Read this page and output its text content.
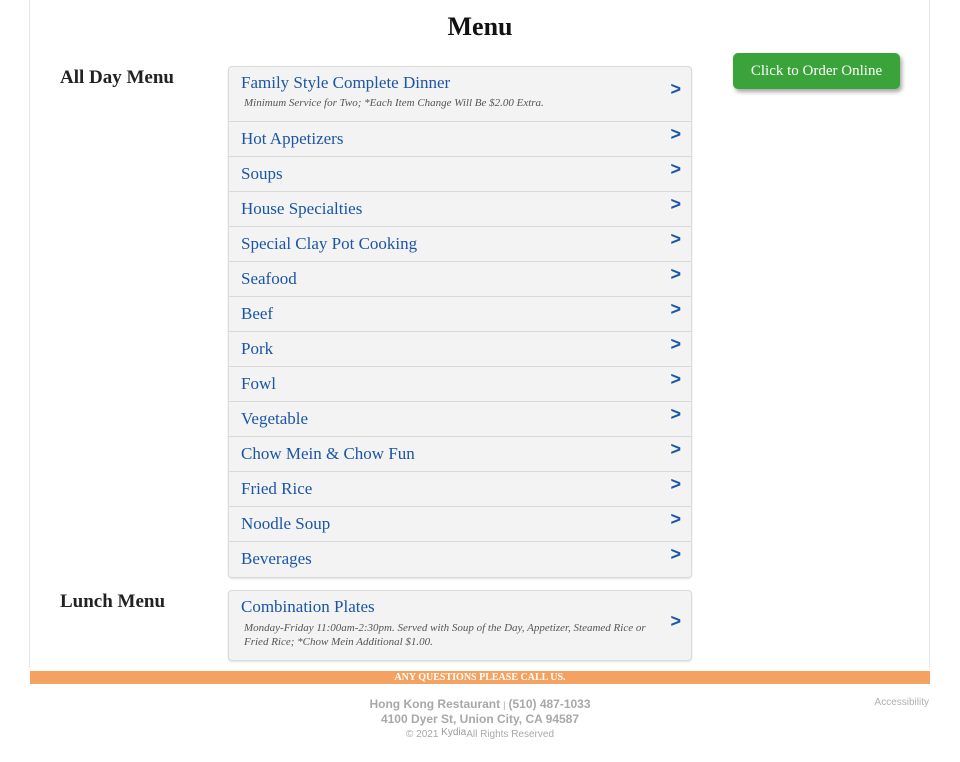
Menu
Click to Order Online
All Day Menu	Family Style Complete Dinner
Minimum Service for Two; *Each Item Change Will Be $2.00 Extra.
>
Hot Appetizers	>
Soups	>
House Specialties	>
Special Clay Pot Cooking	>
Seafood	>
Beef	>
Pork	>
Fowl	>
Vegetable	>
Chow Mein & Chow Fun	>
Fried Rice	>
Noodle Soup	>
Beverages	>
Lunch Menu	Combination Plates
Monday-Friday 11:00am-2:30pm. Served with Soup of the Day, Appetizer, Steamed Rice or Fried Rice; *Chow Mein Additional $1.00.
>
ANY QUESTIONS PLEASE CALL US.
Hong Kong Restaurant | (510) 487-1033
4100 Dyer St, Union City, CA 94587
© 2021 KydiaAll Rights Reserved
Accessibility
